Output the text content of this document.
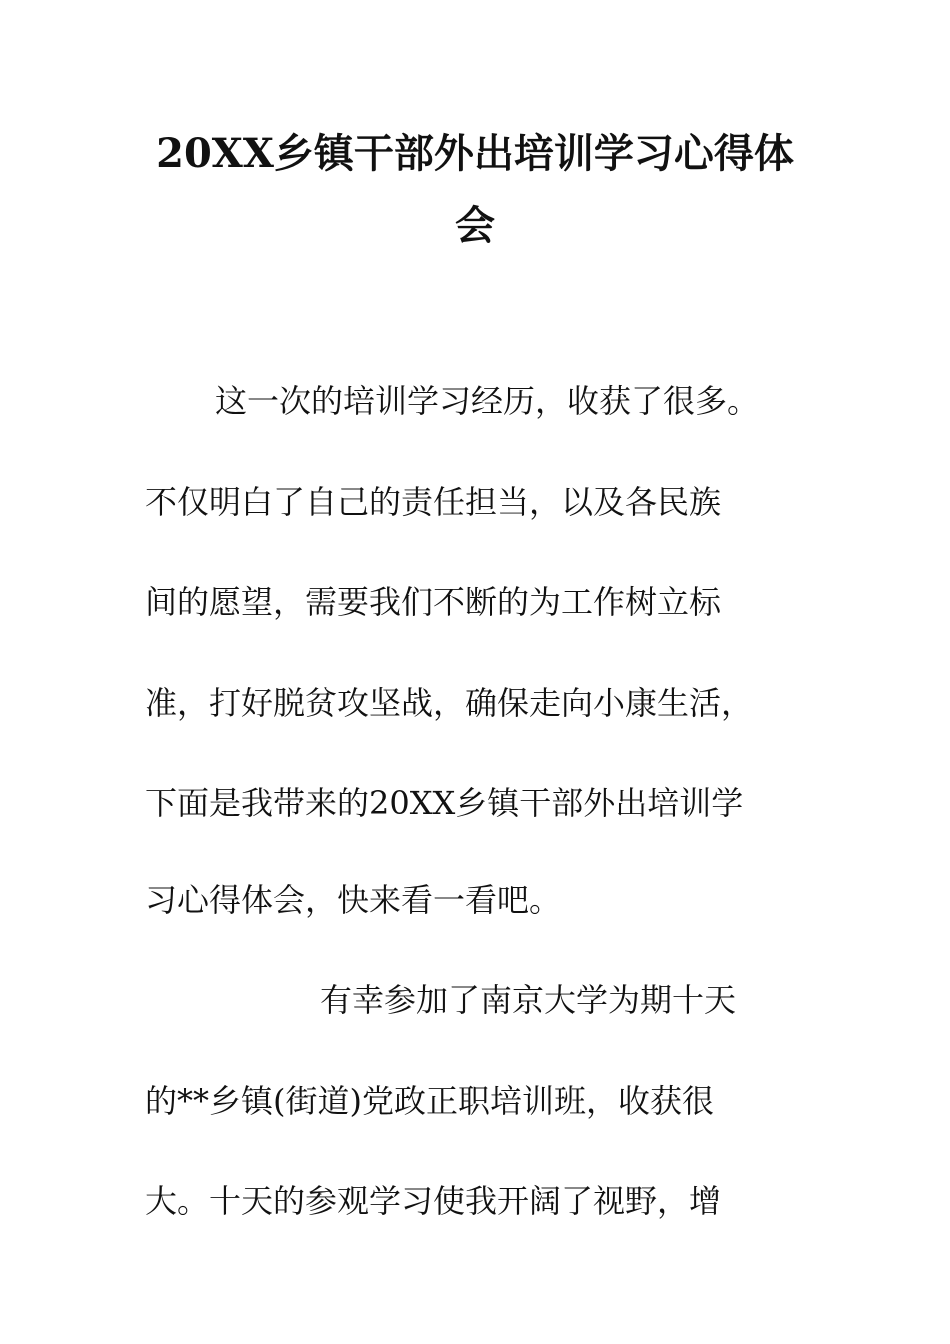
20XX乡镇干部外出培训学习心得体
会

这一次的培训学习经历，收获了很多。

不仅明白了自己的责任担当，以及各民族

间的愿望，需要我们不断的为工作树立标

准，打好脱贫攻坚战，确保走向小康生活，

下面是我带来的20XX乡镇干部外出培训学

习心得体会，快来看一看吧。

有幸参加了南京大学为期十天

的**乡镇(街道)党政正职培训班，收获很

大。十天的参观学习使我开阔了视野，增
